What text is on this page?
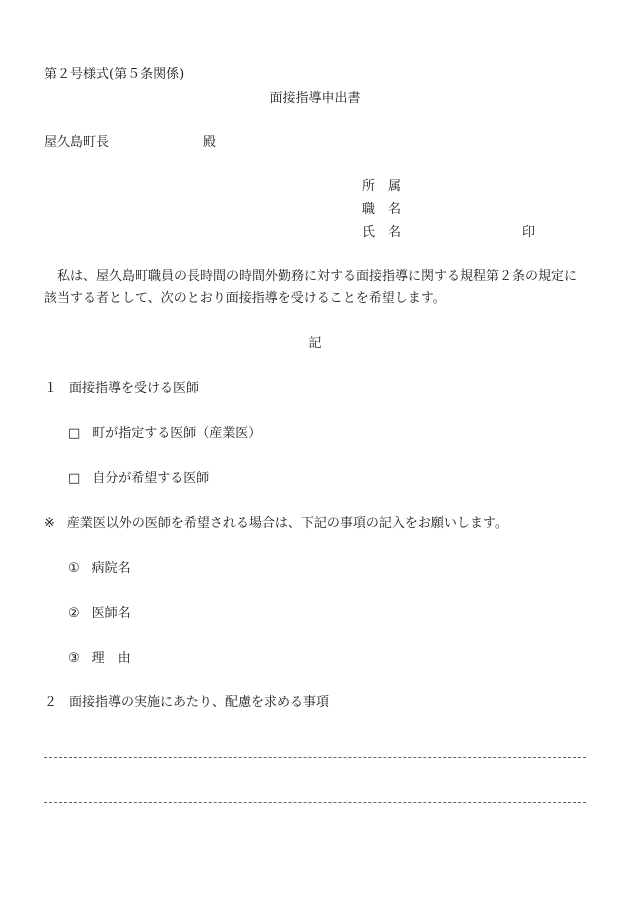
第２号様式(第５条関係)
面接指導申出書
屋久島町長	殿
所　属
職　名
氏　名	印
私は、屋久島町職員の長時間の時間外勤務に対する面接指導に関する規程第２条の規定に該当する者として、次のとおり面接指導を受けることを希望します。
記
１ 面接指導を受ける医師
□ 町が指定する医師（産業医）
□ 自分が希望する医師
※ 産業医以外の医師を希望される場合は、下記の事項の記入をお願いします。
① 病院名
② 医師名
③ 理　由
２ 面接指導の実施にあたり、配慮を求める事項
